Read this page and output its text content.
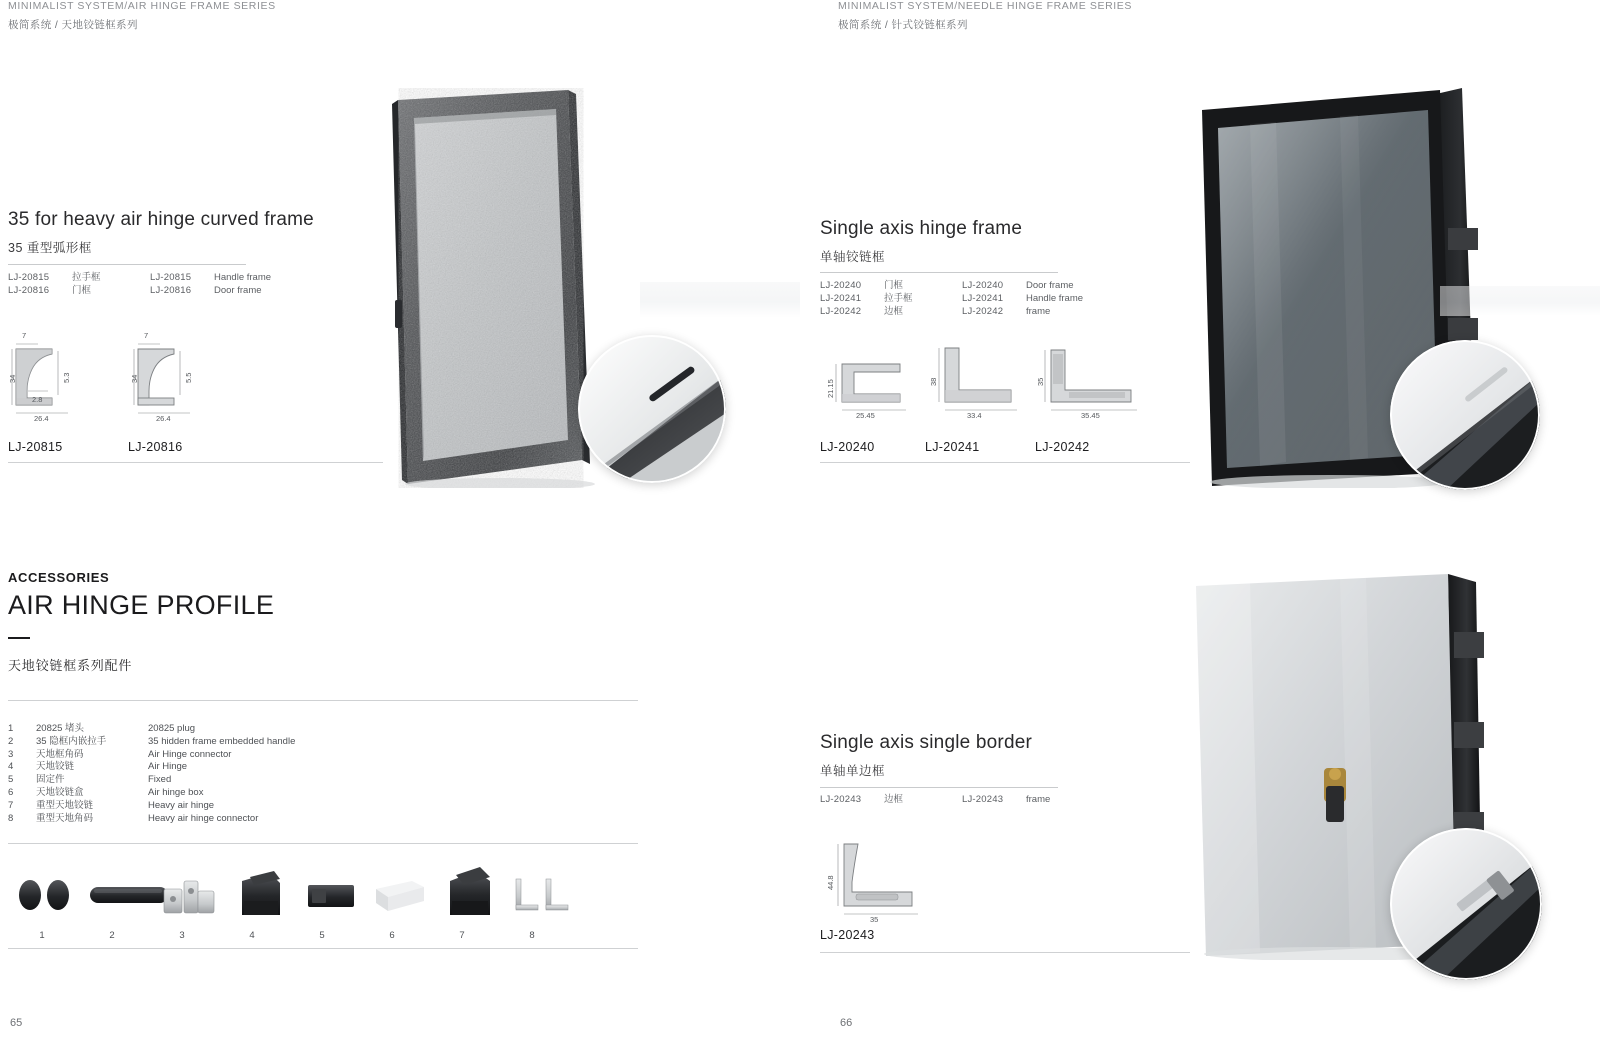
MINIMALIST SYSTEM/AIR HINGE FRAME SERIES
极简系统 / 天地铰链框系列
35 for heavy air hinge curved frame
35 重型弧形框
LJ-20815	拉手框	LJ-20815	Handle frame
LJ-20816	门框	LJ-20816	Door frame
7
34	5.3
2.8
26.4
LJ-20815
7
34	5.5
26.4
LJ-20816
ACCESSORIES
AIR HINGE PROFILE
天地铰链框系列配件
1	20825 堵头	20825 plug
2	35 隐框内嵌拉手	35 hidden frame embedded handle
3	天地框角码	Air Hinge connector
4	天地铰链	Air Hinge
5	固定件	Fixed
6	天地铰链盒	Air hinge box
7	重型天地铰链	Heavy air hinge
8	重型天地角码	Heavy air hinge connector
1	2	3	4	5	6	7	8
65
MINIMALIST SYSTEM/NEEDLE HINGE FRAME SERIES
极简系统 / 针式铰链框系列
Single axis hinge frame
单轴铰链框
LJ-20240	门框	LJ-20240	Door frame
LJ-20241	拉手框	LJ-20241	Handle frame
LJ-20242	边框	LJ-20242	frame
21.15
25.45
LJ-20240
38
33.4
LJ-20241
35
35.45
LJ-20242
Single axis single border
单轴单边框
LJ-20243	边框	LJ-20243	frame
44.8
35
LJ-20243
66
